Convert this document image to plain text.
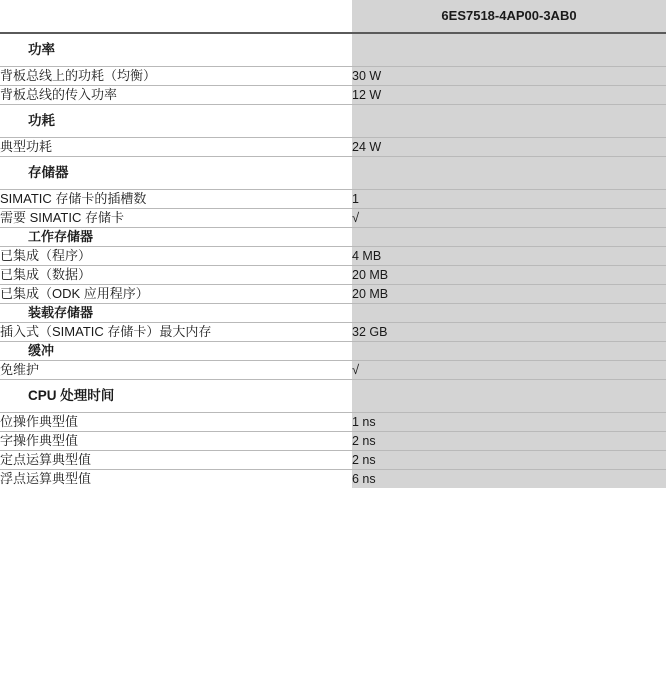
	6ES7518-4AP00-3AB0
功率	
背板总线上的功耗（均衡）	30 W
背板总线的传入功率	12 W
功耗	
典型功耗	24 W
存储器	
SIMATIC 存储卡的插槽数	1
需要 SIMATIC 存储卡	√
工作存储器	
已集成（程序）	4 MB
已集成（数据）	20 MB
已集成（ODK 应用程序）	20 MB
装载存储器	
插入式（SIMATIC 存储卡）最大内存	32 GB
缓冲	
免维护	√
CPU 处理时间	
位操作典型值	1 ns
字操作典型值	2 ns
定点运算典型值	2 ns
浮点运算典型值	6 ns
